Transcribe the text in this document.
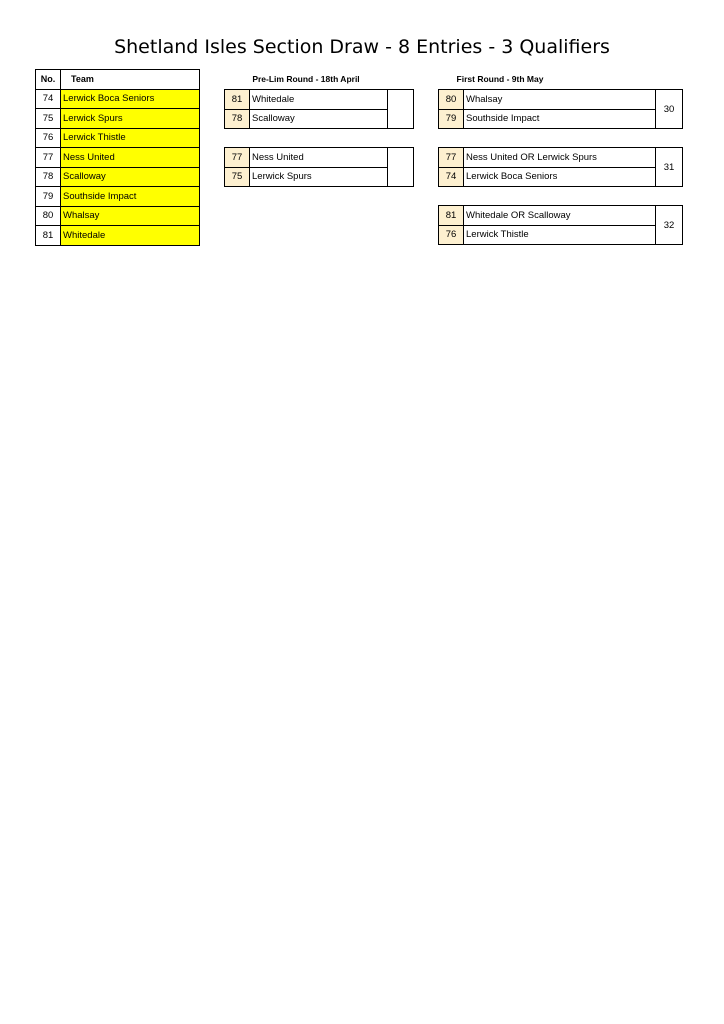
Shetland Isles Section Draw - 8 Entries - 3 Qualifiers
No.	Team
74	Lerwick Boca Seniors
75	Lerwick Spurs
76	Lerwick Thistle
77	Ness United
78	Scalloway
79	Southside Impact
80	Whalsay
81	Whitedale
Pre-Lim Round - 18th April
81	Whitedale	
78	Scalloway	
77	Ness United	
75	Lerwick Spurs	
First Round - 9th May
80	Whalsay	30
79	Southside Impact	
77	Ness United OR Lerwick Spurs	31
74	Lerwick Boca Seniors	
81	Whitedale OR Scalloway	32
76	Lerwick Thistle	
